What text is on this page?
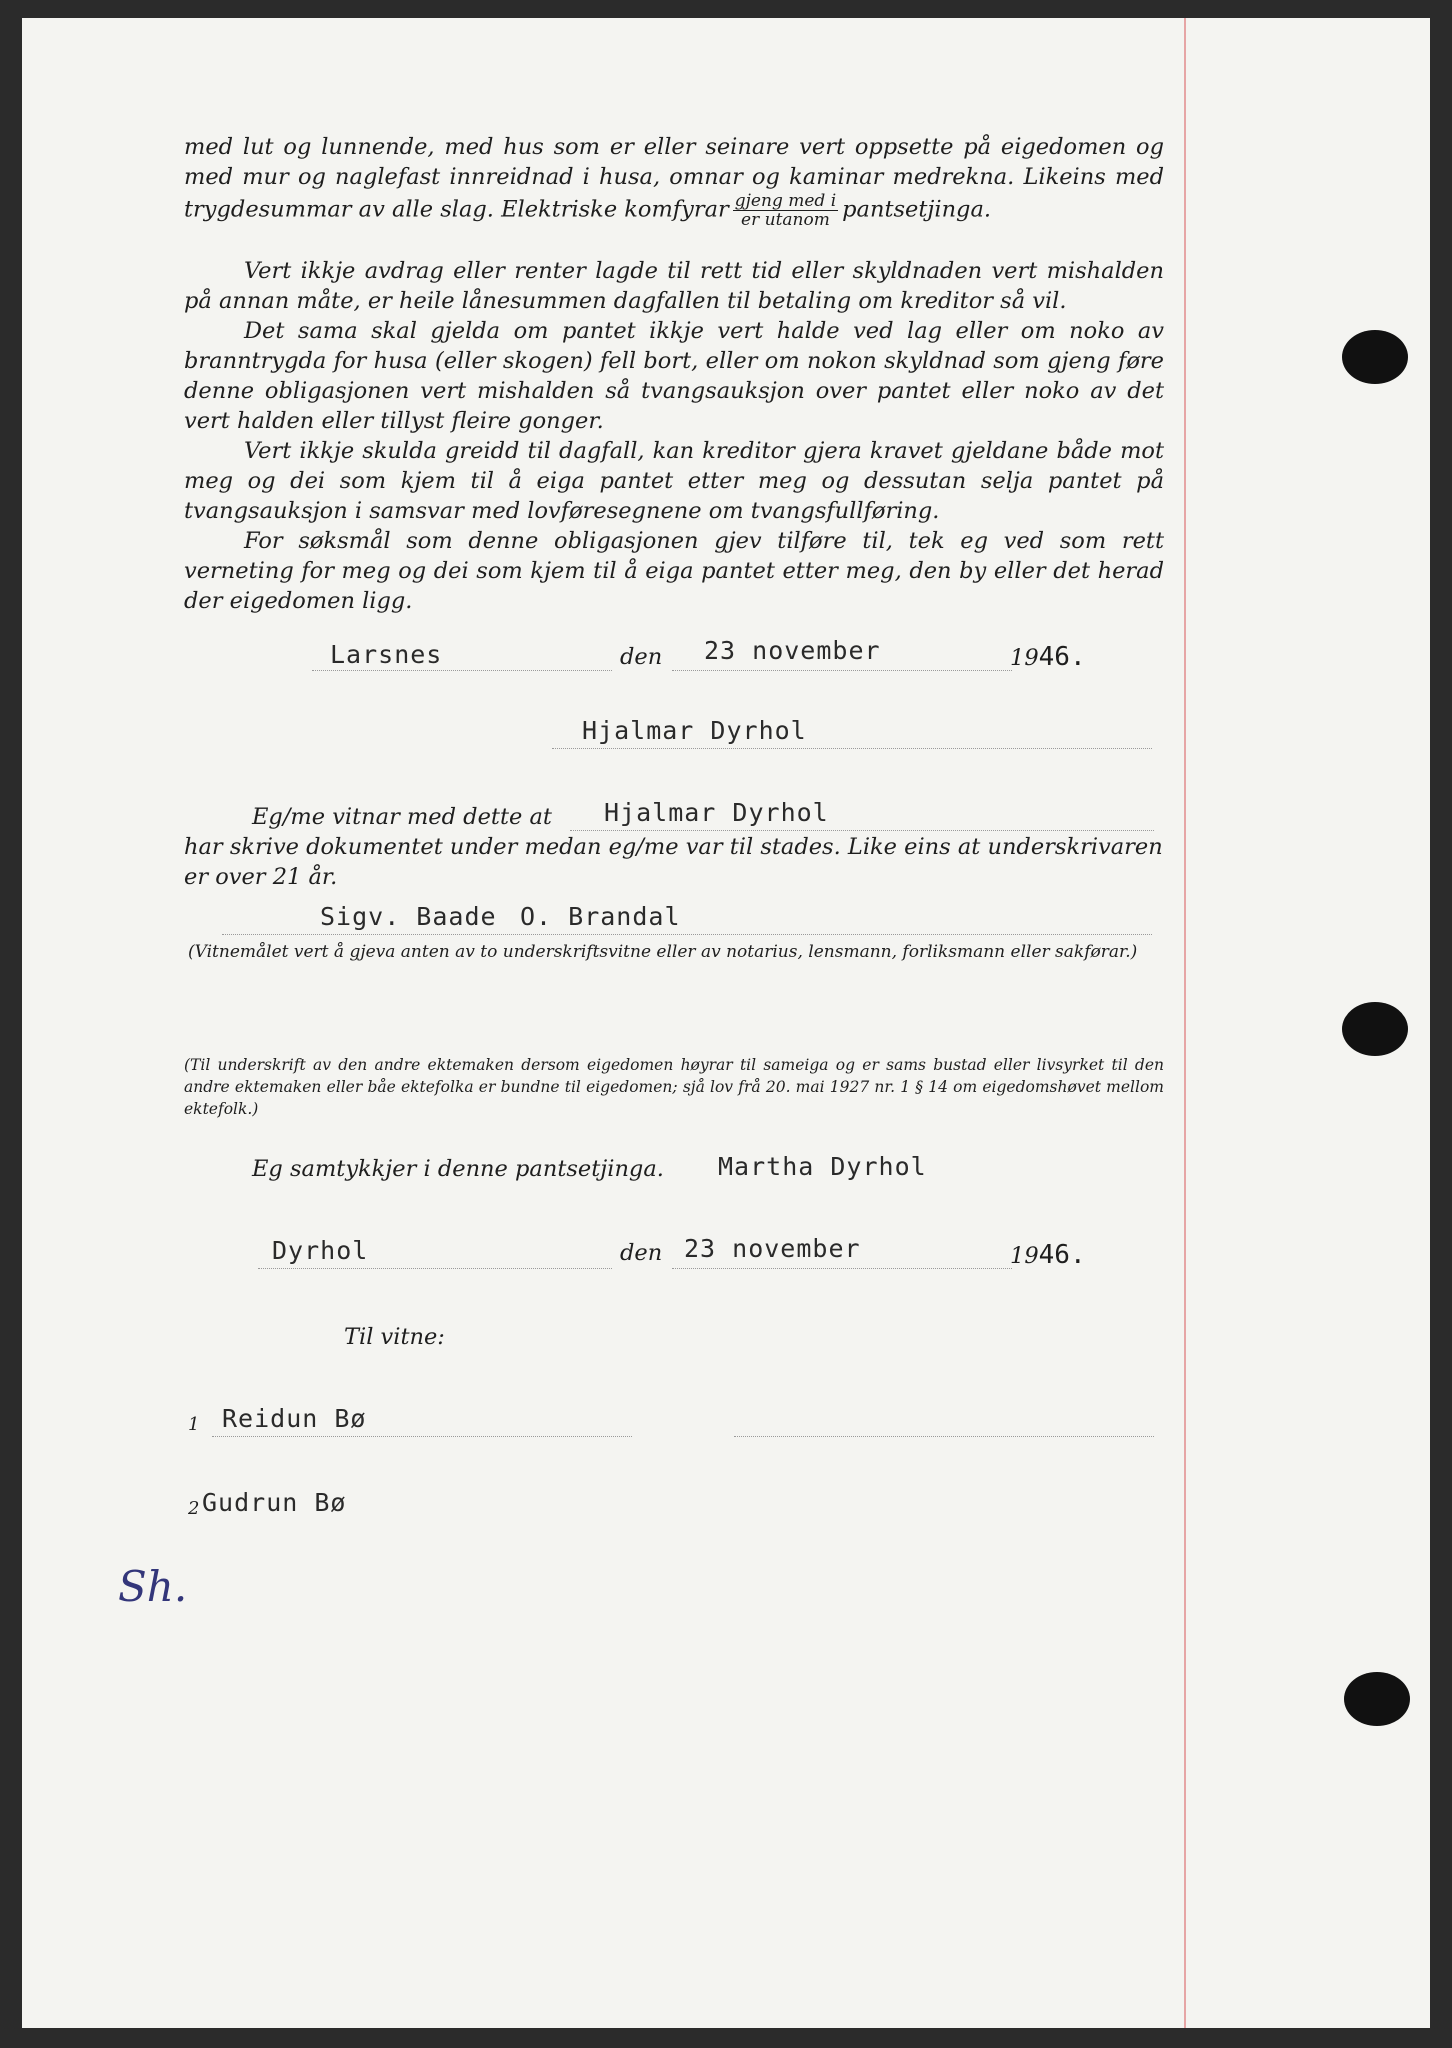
med lut og lunnende, med hus som er eller seinare vert oppsette på eigedomen og med mur og naglefast innreidnad i husa, omnar og kaminar medrekna. Likeins med trygdesummar av alle slag. Elektriske komfyrar $\frac{\text{gjeng med i}}{\text{er utanom}}$ pantsetjinga.

Vert ikkje avdrag eller renter lagde til rett tid eller skyldnaden vert mishalden på annan måte, er heile lånesummen dagfallen til betaling om kreditor så vil.

Det sama skal gjelda om pantet ikkje vert halde ved lag eller om noko av branntrygda for husa (eller skogen) fell bort, eller om nokon skyldnad som gjeng føre denne obligasjonen vert mishalden så tvangsauksjon over pantet eller noko av det vert halden eller tillyst fleire gonger.

Vert ikkje skulda greidd til dagfall, kan kreditor gjera kravet gjeldane både mot meg og dei som kjem til å eiga pantet etter meg og dessutan selja pantet på tvangsauksjon i samsvar med lovføresegnene om tvangsfullføring.

For søksmål som denne obligasjonen gjev tilføre til, tek eg ved som rett verneting for meg og dei som kjem til å eiga pantet etter meg, den by eller det herad der eigedomen ligg.

Larsnes	den 23 november	1946.
Hjalmar Dyrhol
Eg/me vitnar med dette at Hjalmar Dyrhol
har skrive dokumentet under medan eg/me var til stades. Like eins at underskrivaren
er over 21 år.
Sigv. Baade O. Brandal
(Vitnemålet vert å gjeva anten av to underskriftsvitne eller av notarius, lensmann, forliksmann eller sakførar.)

(Til underskrift av den andre ektemaken dersom eigedomen høyrar til sameiga og er sams bustad eller livsyrket til den andre ektemaken eller båe ektefolka er bundne til eigedomen; sjå lov frå 20. mai 1927 nr. 1 § 14 om eigedomshøvet mellom ektefolk.)

Eg samtykkjer i denne pantsetjinga. Martha Dyrhol
Dyrhol	den 23 november	1946.
Til vitne:
1 Reidun Bø
2 Gudrun Bø
Sh.
